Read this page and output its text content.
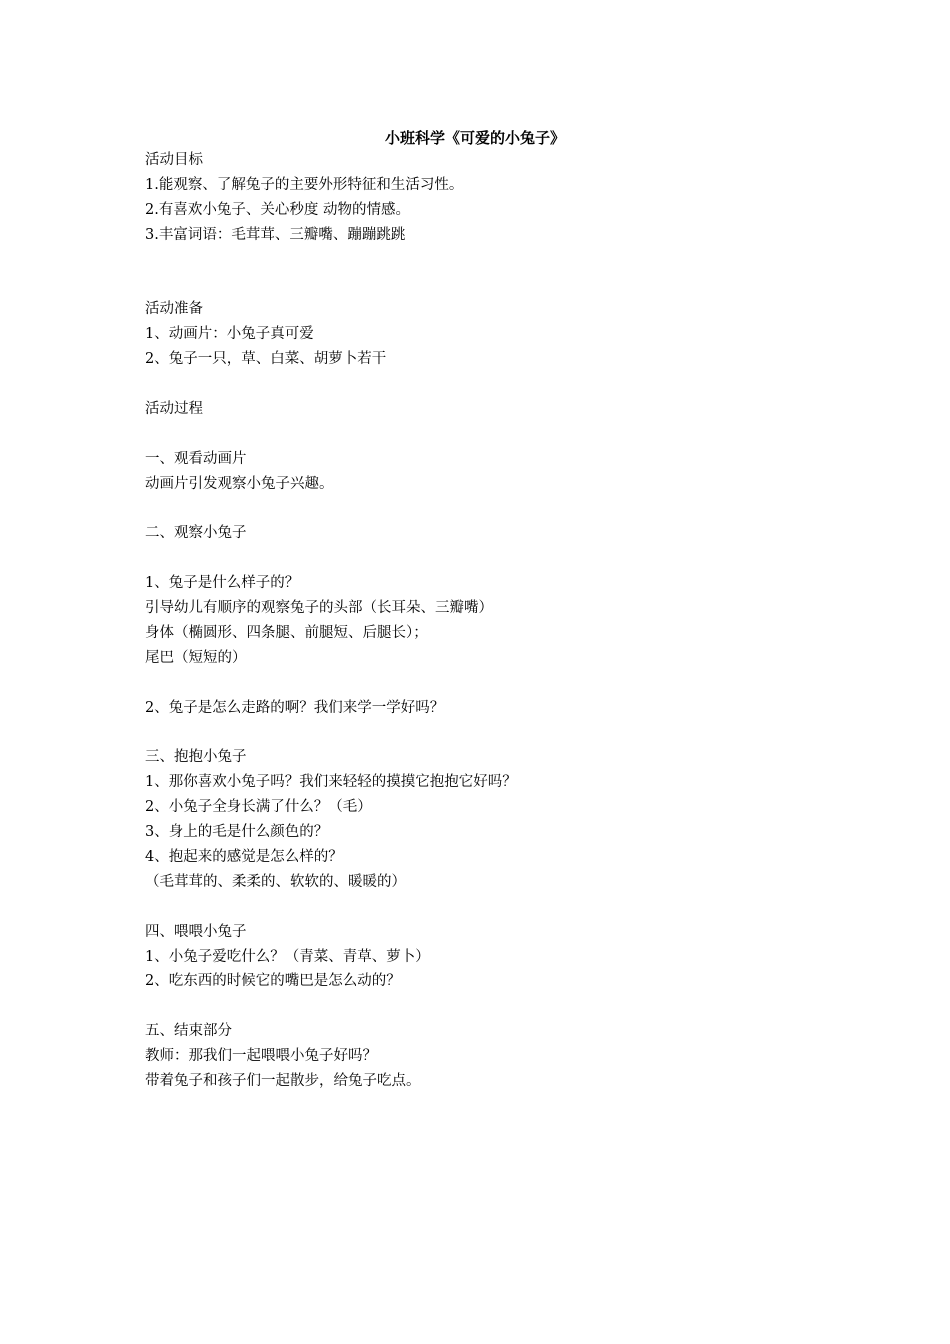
小班科学《可爱的小兔子》
活动目标
1.能观察、了解兔子的主要外形特征和生活习性。
2.有喜欢小兔子、关心秒度 动物的情感。
3.丰富词语：毛茸茸、三瓣嘴、蹦蹦跳跳
活动准备
1、动画片：小兔子真可爱
2、兔子一只，草、白菜、胡萝卜若干
活动过程
一、观看动画片
动画片引发观察小兔子兴趣。
二、观察小兔子
1、兔子是什么样子的？
引导幼儿有顺序的观察兔子的头部（长耳朵、三瓣嘴）
身体（椭圆形、四条腿、前腿短、后腿长）；
尾巴（短短的）
2、兔子是怎么走路的啊？我们来学一学好吗？
三、抱抱小兔子
1、那你喜欢小兔子吗？我们来轻轻的摸摸它抱抱它好吗？
2、小兔子全身长满了什么？（毛）
3、身上的毛是什么颜色的？
4、抱起来的感觉是怎么样的？
（毛茸茸的、柔柔的、软软的、暖暖的）
四、喂喂小兔子
1、小兔子爱吃什么？（青菜、青草、萝卜）
2、吃东西的时候它的嘴巴是怎么动的？
五、结束部分
教师：那我们一起喂喂小兔子好吗？
带着兔子和孩子们一起散步，给兔子吃点。
